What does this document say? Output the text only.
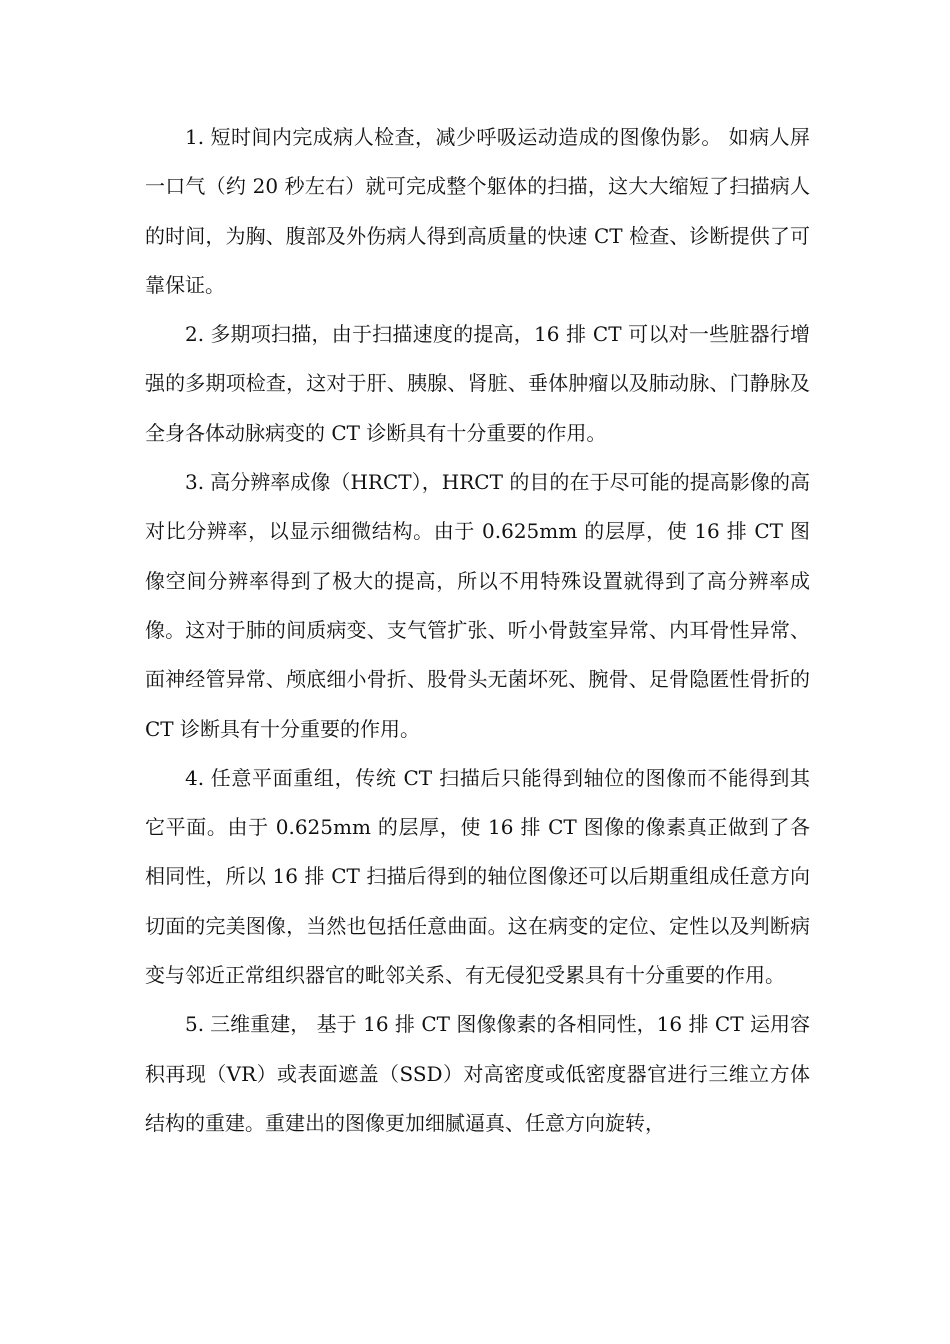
1. 短时间内完成病人检查，减少呼吸运动造成的图像伪影。 如病人屏一口气（约 20 秒左右）就可完成整个躯体的扫描，这大大缩短了扫描病人的时间，为胸、腹部及外伤病人得到高质量的快速 CT 检查、诊断提供了可靠保证。

2. 多期项扫描，由于扫描速度的提高，16 排 CT 可以对一些脏器行增强的多期项检查，这对于肝、胰腺、肾脏、垂体肿瘤以及肺动脉、门静脉及全身各体动脉病变的 CT 诊断具有十分重要的作用。

3. 高分辨率成像（HRCT），HRCT 的目的在于尽可能的提高影像的高对比分辨率，以显示细微结构。由于 0.625mm 的层厚，使 16 排 CT 图像空间分辨率得到了极大的提高，所以不用特殊设置就得到了高分辨率成像。这对于肺的间质病变、支气管扩张、听小骨鼓室异常、内耳骨性异常、面神经管异常、颅底细小骨折、股骨头无菌坏死、腕骨、足骨隐匿性骨折的 CT 诊断具有十分重要的作用。

4. 任意平面重组，传统 CT 扫描后只能得到轴位的图像而不能得到其它平面。由于 0.625mm 的层厚，使 16 排 CT 图像的像素真正做到了各相同性，所以 16 排 CT 扫描后得到的轴位图像还可以后期重组成任意方向切面的完美图像，当然也包括任意曲面。这在病变的定位、定性以及判断病变与邻近正常组织器官的毗邻关系、有无侵犯受累具有十分重要的作用。

5. 三维重建， 基于 16 排 CT 图像像素的各相同性，16 排 CT 运用容积再现（VR）或表面遮盖（SSD）对高密度或低密度器官进行三维立方体结构的重建。重建出的图像更加细腻逼真、任意方向旋转，
